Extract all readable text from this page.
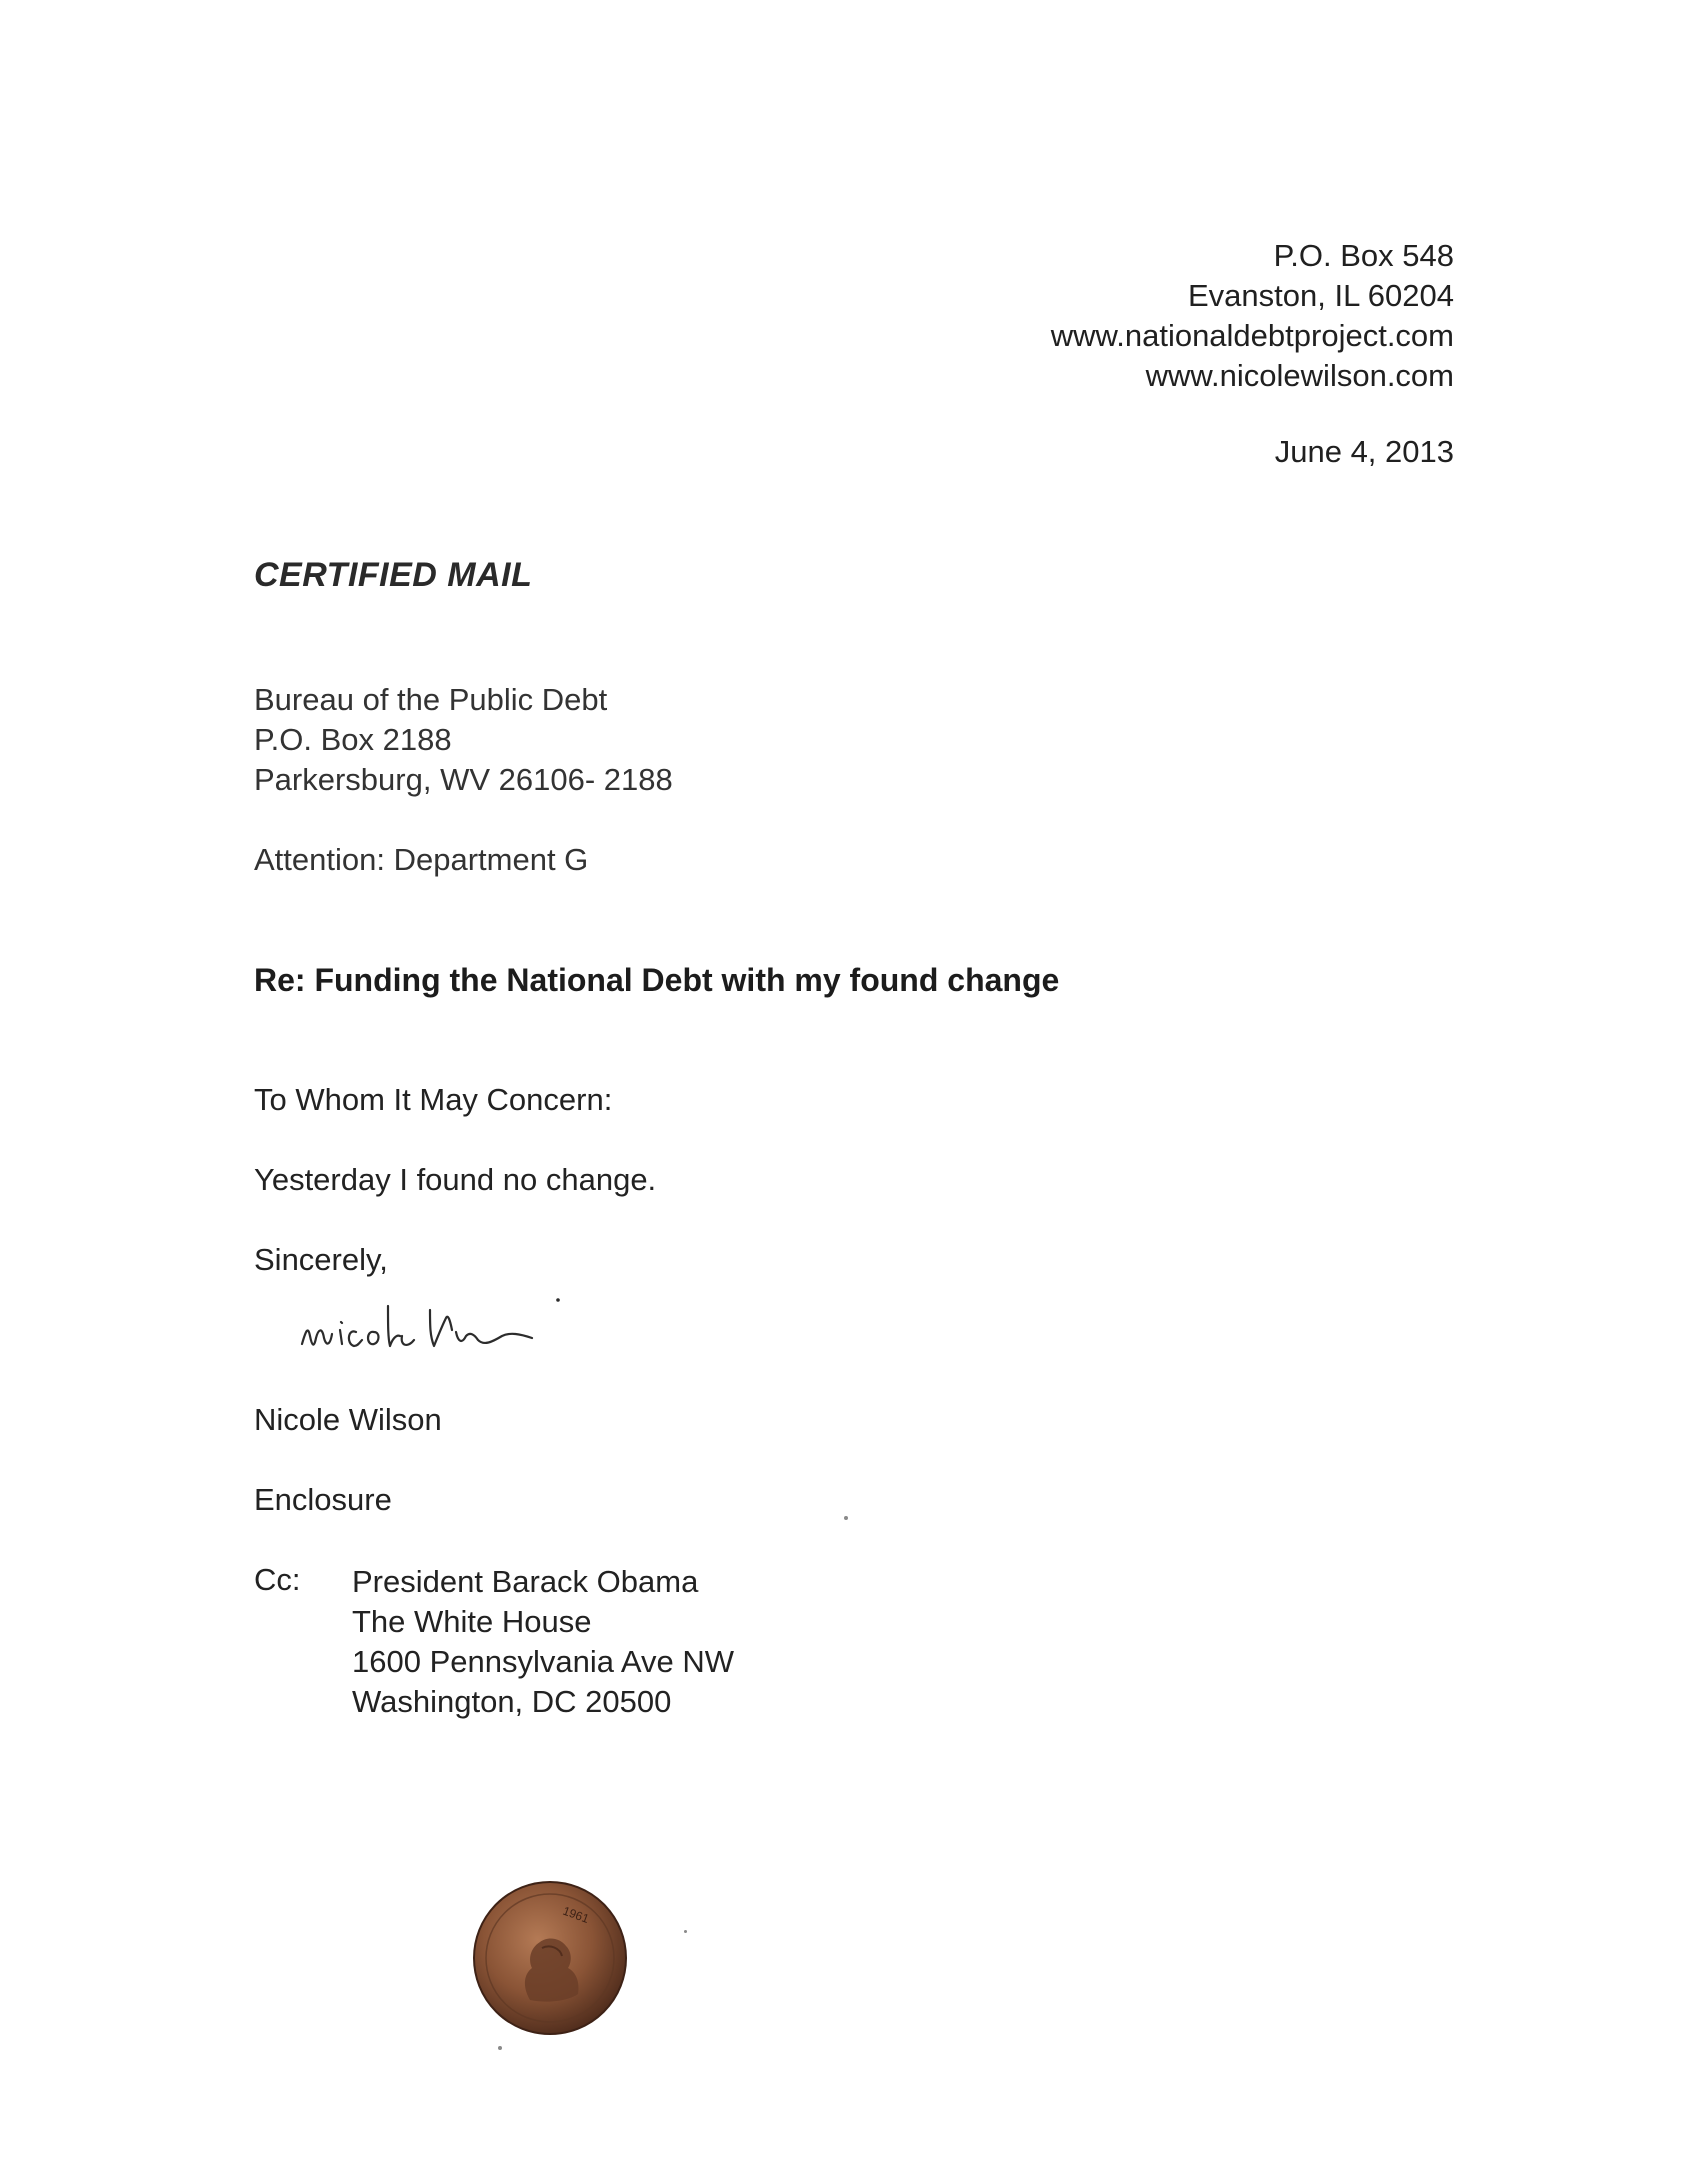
P.O. Box 548
Evanston, IL 60204
www.nationaldebtproject.com
www.nicolewilson.com
June 4, 2013
CERTIFIED MAIL
Bureau of the Public Debt
P.O. Box 2188
Parkersburg, WV 26106- 2188
Attention: Department G
Re: Funding the National Debt with my found change
To Whom It May Concern:
Yesterday I found no change.
Sincerely,
Nicole Wilson
Enclosure
Cc: President Barack Obama
The White House
1600 Pennsylvania Ave NW
Washington, DC 20500
1961
